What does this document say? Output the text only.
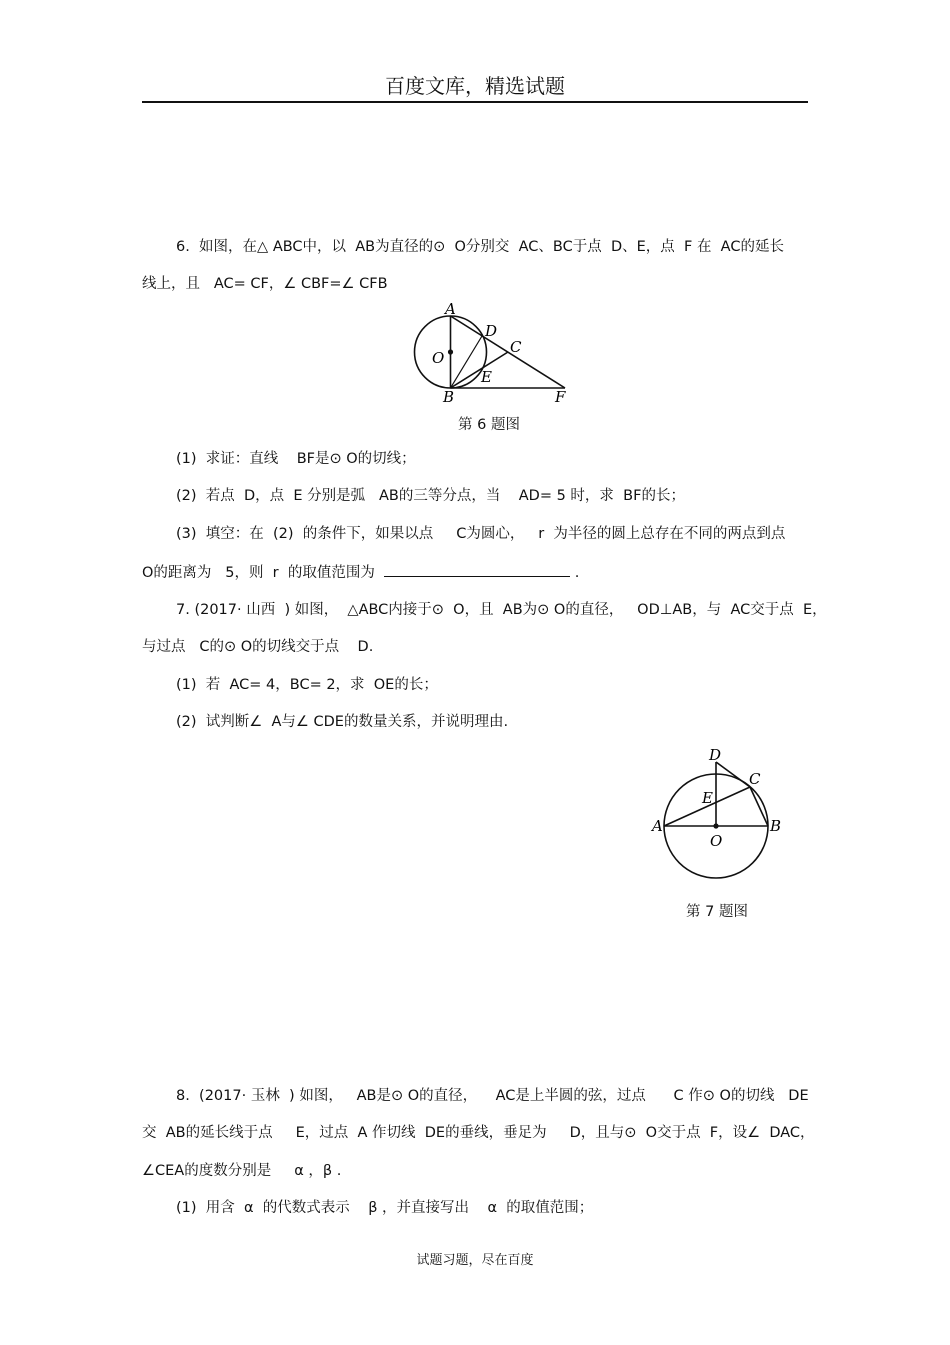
百度文库，精选试题
6.  如图，在△ ABC中，以  AB为直径的⊙  O分别交  AC、BC于点  D、E，点  F 在  AC的延长
线上，且   AC= CF，∠ CBF=∠ CFB
A
D
C
O
E
B	F
第 6 题图
(1)  求证：直线    BF是⊙ O的切线；
(2)  若点  D，点  E 分别是弧   AB的三等分点，当    AD= 5 时，求  BF的长；
(3)  填空：在  (2)  的条件下，如果以点     C为圆心，   r  为半径的圆上总存在不同的两点到点
O的距离为   5，则  r  的取值范围为	.
7. (2017· 山西  ) 如图，  △ABC内接于⊙  O，且  AB为⊙ O的直径，   OD⊥AB，与  AC交于点  E，
与过点   C的⊙ O的切线交于点    D.
(1)  若  AC= 4，BC= 2，求  OE的长；
(2)  试判断∠  A与∠ CDE的数量关系，并说明理由.
D
C
E
A	B
O
第 7 题图
8.  (2017· 玉林  ) 如图，   AB是⊙ O的直径，    AC是上半圆的弦，过点      C 作⊙ O的切线   DE
交  AB的延长线于点     E，过点  A 作切线  DE的垂线，垂足为     D，且与⊙  O交于点  F，设∠  DAC，
∠CEA的度数分别是     α ，β .
(1)  用含  α  的代数式表示    β ，并直接写出    α  的取值范围；
试题习题，尽在百度
